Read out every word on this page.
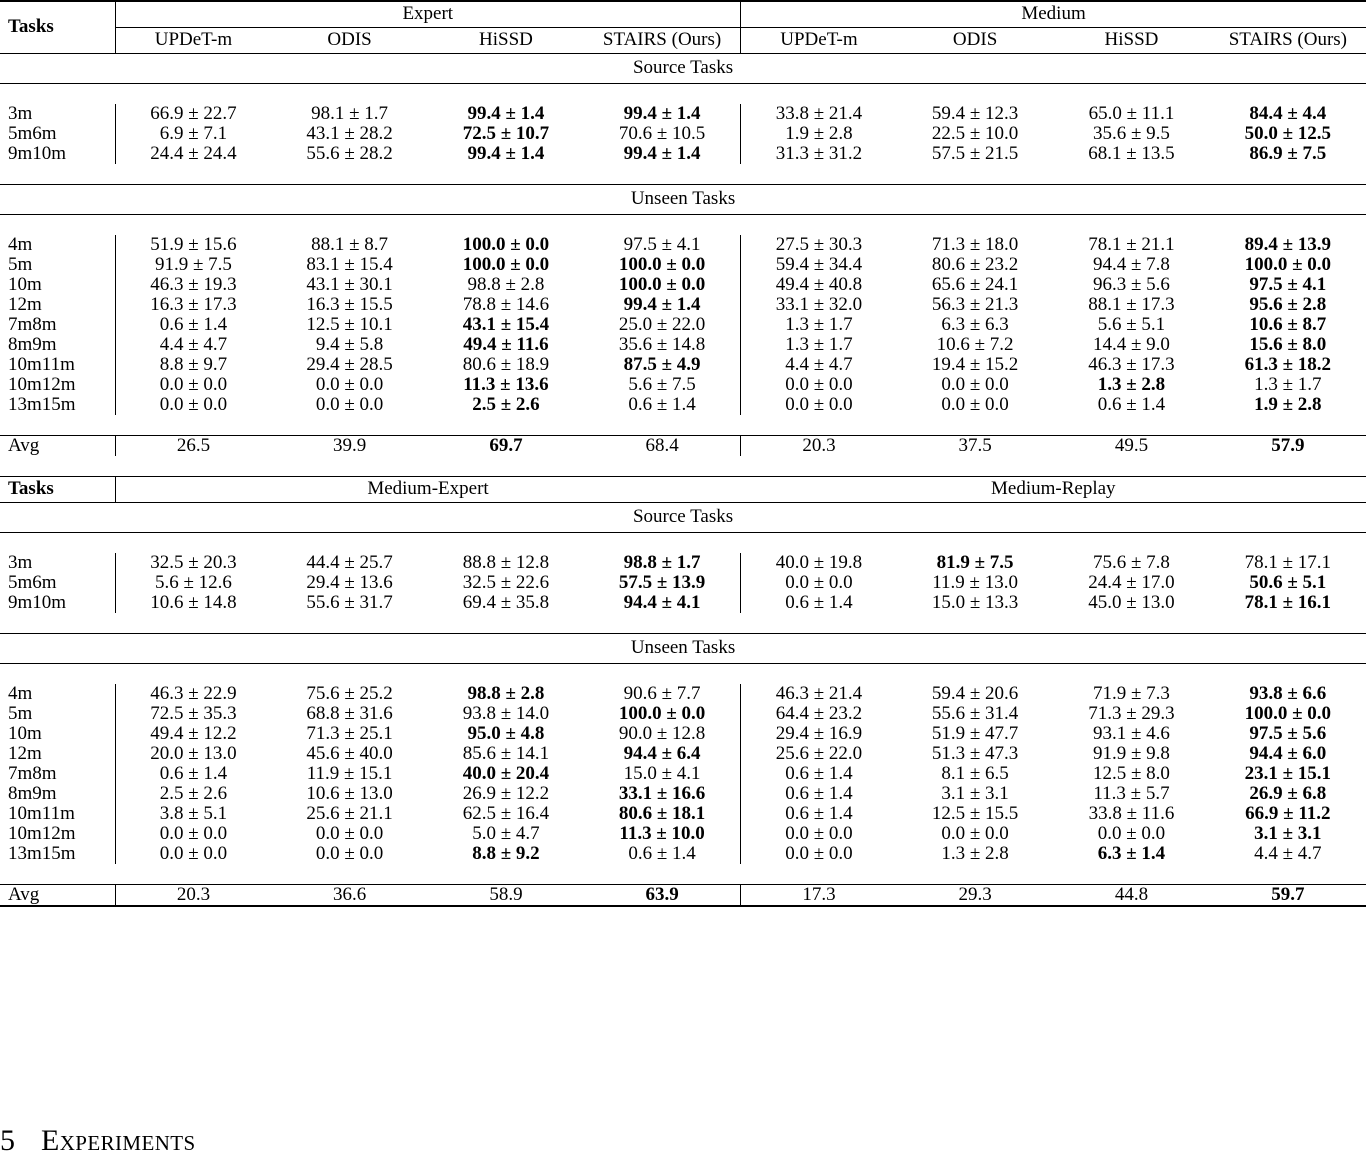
Tasks	Expert				Medium			
	UPDeT-m	ODIS	HiSSD	STAIRS (Ours)	UPDeT-m	ODIS	HiSSD	STAIRS (Ours)
Source Tasks								

3m	66.9 ± 22.7	98.1 ± 1.7	99.4 ± 1.4	99.4 ± 1.4	33.8 ± 21.4	59.4 ± 12.3	65.0 ± 11.1	84.4 ± 4.4
5m6m	6.9 ± 7.1	43.1 ± 28.2	72.5 ± 10.7	70.6 ± 10.5	1.9 ± 2.8	22.5 ± 10.0	35.6 ± 9.5	50.0 ± 12.5
9m10m	24.4 ± 24.4	55.6 ± 28.2	99.4 ± 1.4	99.4 ± 1.4	31.3 ± 31.2	57.5 ± 21.5	68.1 ± 13.5	86.9 ± 7.5

Unseen Tasks								

4m	51.9 ± 15.6	88.1 ± 8.7	100.0 ± 0.0	97.5 ± 4.1	27.5 ± 30.3	71.3 ± 18.0	78.1 ± 21.1	89.4 ± 13.9
5m	91.9 ± 7.5	83.1 ± 15.4	100.0 ± 0.0	100.0 ± 0.0	59.4 ± 34.4	80.6 ± 23.2	94.4 ± 7.8	100.0 ± 0.0
10m	46.3 ± 19.3	43.1 ± 30.1	98.8 ± 2.8	100.0 ± 0.0	49.4 ± 40.8	65.6 ± 24.1	96.3 ± 5.6	97.5 ± 4.1
12m	16.3 ± 17.3	16.3 ± 15.5	78.8 ± 14.6	99.4 ± 1.4	33.1 ± 32.0	56.3 ± 21.3	88.1 ± 17.3	95.6 ± 2.8
7m8m	0.6 ± 1.4	12.5 ± 10.1	43.1 ± 15.4	25.0 ± 22.0	1.3 ± 1.7	6.3 ± 6.3	5.6 ± 5.1	10.6 ± 8.7
8m9m	4.4 ± 4.7	9.4 ± 5.8	49.4 ± 11.6	35.6 ± 14.8	1.3 ± 1.7	10.6 ± 7.2	14.4 ± 9.0	15.6 ± 8.0
10m11m	8.8 ± 9.7	29.4 ± 28.5	80.6 ± 18.9	87.5 ± 4.9	4.4 ± 4.7	19.4 ± 15.2	46.3 ± 17.3	61.3 ± 18.2
10m12m	0.0 ± 0.0	0.0 ± 0.0	11.3 ± 13.6	5.6 ± 7.5	0.0 ± 0.0	0.0 ± 0.0	1.3 ± 2.8	1.3 ± 1.7
13m15m	0.0 ± 0.0	0.0 ± 0.0	2.5 ± 2.6	0.6 ± 1.4	0.0 ± 0.0	0.0 ± 0.0	0.6 ± 1.4	1.9 ± 2.8

Avg	26.5	39.9	69.7	68.4	20.3	37.5	49.5	57.9

Tasks	Medium-Expert				Medium-Replay			
Source Tasks								

3m	32.5 ± 20.3	44.4 ± 25.7	88.8 ± 12.8	98.8 ± 1.7	40.0 ± 19.8	81.9 ± 7.5	75.6 ± 7.8	78.1 ± 17.1
5m6m	5.6 ± 12.6	29.4 ± 13.6	32.5 ± 22.6	57.5 ± 13.9	0.0 ± 0.0	11.9 ± 13.0	24.4 ± 17.0	50.6 ± 5.1
9m10m	10.6 ± 14.8	55.6 ± 31.7	69.4 ± 35.8	94.4 ± 4.1	0.6 ± 1.4	15.0 ± 13.3	45.0 ± 13.0	78.1 ± 16.1

Unseen Tasks								

4m	46.3 ± 22.9	75.6 ± 25.2	98.8 ± 2.8	90.6 ± 7.7	46.3 ± 21.4	59.4 ± 20.6	71.9 ± 7.3	93.8 ± 6.6
5m	72.5 ± 35.3	68.8 ± 31.6	93.8 ± 14.0	100.0 ± 0.0	64.4 ± 23.2	55.6 ± 31.4	71.3 ± 29.3	100.0 ± 0.0
10m	49.4 ± 12.2	71.3 ± 25.1	95.0 ± 4.8	90.0 ± 12.8	29.4 ± 16.9	51.9 ± 47.7	93.1 ± 4.6	97.5 ± 5.6
12m	20.0 ± 13.0	45.6 ± 40.0	85.6 ± 14.1	94.4 ± 6.4	25.6 ± 22.0	51.3 ± 47.3	91.9 ± 9.8	94.4 ± 6.0
7m8m	0.6 ± 1.4	11.9 ± 15.1	40.0 ± 20.4	15.0 ± 4.1	0.6 ± 1.4	8.1 ± 6.5	12.5 ± 8.0	23.1 ± 15.1
8m9m	2.5 ± 2.6	10.6 ± 13.0	26.9 ± 12.2	33.1 ± 16.6	0.6 ± 1.4	3.1 ± 3.1	11.3 ± 5.7	26.9 ± 6.8
10m11m	3.8 ± 5.1	25.6 ± 21.1	62.5 ± 16.4	80.6 ± 18.1	0.6 ± 1.4	12.5 ± 15.5	33.8 ± 11.6	66.9 ± 11.2
10m12m	0.0 ± 0.0	0.0 ± 0.0	5.0 ± 4.7	11.3 ± 10.0	0.0 ± 0.0	0.0 ± 0.0	0.0 ± 0.0	3.1 ± 3.1
13m15m	0.0 ± 0.0	0.0 ± 0.0	8.8 ± 9.2	0.6 ± 1.4	0.0 ± 0.0	1.3 ± 2.8	6.3 ± 1.4	4.4 ± 4.7

Avg	20.3	36.6	58.9	63.9	17.3	29.3	44.8	59.7
5 Experiments
